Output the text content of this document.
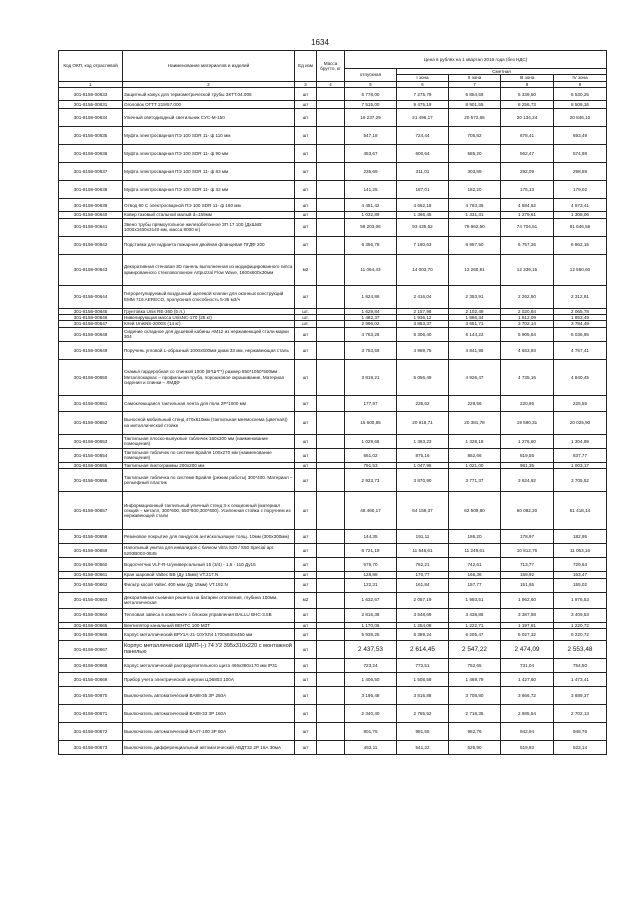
1634
Код ОКП, код отраслевой	Наименование материалов и изделий	Ед изм	Масса брутто, кг	Цена в рублях на 1 квартал 2016 года (без НДС)				
				отпускная	Сметная			
					I зона	II зона	III зона	IV зона
1	2	3	4	5	6	7	8	9
301-8156-00633	Защитный кожух для термометрической трубы ЗКТТ.04.005	шт		5 778,00	7 275,79	6 854,59	6 339,50	6 530,25
301-8156-00631	Оголовок ОГТТ 219/57.000	шт		7 515,00	9 475,18	8 901,55	8 256,73	8 508,16
301-8156-00634	Уличный светодиодный светильник СУС-М-150	шт		16 237,29	21 496,17	20 572,65	20 134,24	20 846,10
301-8156-00635	Муфта электросварная ПЭ 100 SDR 11- ф 110 мм	шт		547,18	724,44	705,82	678,41	693,49
301-8156-00636	Муфта электросварная ПЭ 100 SDR 11- ф 90 мм	шт		453,67	600,64	585,20	562,47	574,98
301-8156-00637	Муфта электросварная ПЭ 100 SDR 11- ф 63 мм	шт		235,69	311,01	303,89	292,09	298,59
301-8156-00638	Муфта электросварная ПЭ 100 SDR 11- ф 32 мм	шт		141,25	187,01	182,20	175,13	179,02
301-8156-00639	Отвод 90 С электросварной ПЭ 100 SDR 11- ф 160 мм	шт		4 451,42	4 652,18	4 763,35	4 584,62	4 673,41
301-8156-00640	Ковер газовый стальной малый d=159мм	шт		1 032,89	1 366,45	1 331,31	1 279,61	1 308,06
301-8156-00641	Звено трубы прямоугольное железобетонное ЗП 17.100 (ДхШхВ: 1000х3400х3140 мм, масса 8000 кг)	шт		58 203,06	93 435,52	78 962,50	74 704,61	81 646,56
301-8156-00642	Подставка для гидранта пожарная двойная фланцевая ПГДФ 200	шт		6 356,78	7 180,63	6 957,50	6 757,26	6 862,15
301-8156-00643	Декоративная стеновая 3D панель выполненная из модифицированного гипса армированного стекловолокном Artpuzzal Flow Wave, 1600х600х30мм	м2		11 064,43	14 003,70	13 260,81	12 339,15	12 560,60
301-8156-00644	Гигрорегулируемый воздушный щелевой клапан для оконных конструкций EMM 716 AERECO, пропускная способность 5-35 м3/ч	шт		1 824,86	2 416,04	2 353,91	2 262,50	2 312,81
301-8156-00645	Грунтовка Unis RE-360 (5 л.)	шт.		1 629,84	2 157,98	2 102,49	2 020,84	2 065,78
301-8156-00646	Нивелирующая масса UnisNC-170 (25 кг)	шт.		1 482,37	1 936,12	1 886,34	1 812,09	1 853,49
301-8156-00647	Клей UnisNS-2000S (14 кг)	шт.		2 996,02	3 853,37	3 651,71	3 702,14	3 784,49
301-8156-00648	Сидение складное для душевой кабины AM12 из нержавеющей стали марки 304	шт		4 763,26	6 306,40	6 144,23	5 905,64	6 036,95
301-8156-00649	Поручень угловой L-образный 1000х500мм диам 33 мм, нержавеющая сталь	шт		3 753,59	4 969,75	4 841,95	4 653,93	4 757,41
301-8156-00650	Скамья гардеробная со спинкой 1000 (В*Ш*Г*) размер 850*1050*500мм . Металлокаркас – профильная труба, порошковое окрашивание, Материал сидения и спинки – ЛМДФ	шт		3 819,21	5 056,49	4 926,47	4 735,16	4 840,45
301-8156-00651	Самоклеющаяся тактильная лента для пола 2Р*1000 мм	шт		177,97	235,62	229,56	220,65	225,55
301-8156-00652	Выносной мобильный стенд 470х610мм (тактильная мнемосхема (цветная)) на металлической стойке	шт		15 600,85	20 918,71	20 381,78	19 590,31	20 025,90
301-8156-00653	Тактильная плоско-выпуклые табличек 150х300 мм (наименование помещения)	шт		1 029,66	1 363,23	1 328,18	1 276,60	1 304,99
301-8156-00654	Тактильная табличек по системе Брайля 100х270 мм (наименование помещения)	шт		661,02	875,16	852,66	819,55	837,77
301-8156-00655	Тактильная пиктограммы 200х200 мм	шт		791,53	1 047,95	1 021,00	981,35	1 003,17
301-8156-00656	Тактильная табличка по системе Брайля (режим работы) 300*400. Материал – рельефный пластик	шт		2 923,73	3 870,90	3 771,37	3 624,92	3 705,52
301-8156-00657	Информационный тактильный уличный стенд 3-х секционный (материал секций – металл, 300*600, 550*600,300*600). Усиленная стойка с поручнем из нержавеющей стали	шт		48 460,17	64 159,37	62 509,80	60 082,20	61 418,14
301-8156-00658	Резиновое покрытие для пандусов антискользящее толщ. 10мм (300х300мм)	шт		144,35	191,11	186,20	178,97	182,95
301-8156-00659	Напольный унитаз для инвалидов с бачком Vitra S20 / S50 Special арт. 5293B003-0845	шт		8 721,19	11 546,61	11 249,61	10 812,76	11 053,16
301-8156-00660	Водосчетчик VLF-R-U/универсальный 15 (3/4) - 1,5 - 110 Ду15	шт		575,70	762,21	742,61	713,77	729,64
301-8156-00661	Кран шаровой Valtec BB (Ду 15мм) VT.217.N	шт		128,88	170,77	166,36	159,92	163,47
301-8156-00662	Фильтр косой Valtec 400 мкм (Ду 15мм) VT.192.N	шт		122,31	161,84	157,77	151,65	155,02
301-8156-00663	Декоративная съемная решетка на батареи отопления, глубина 100мм, металлическая	м2		1 632,67	2 057,19	1 993,51	1 962,60	1 976,53
301-8156-00664	Тепловая завеса в комплекте с блоком управления BALLU BHC-3.5В	шт		2 816,38	3 548,69	3 438,85	3 387,58	3 409,53
301-8156-00665	Вентилятор канальный ВЕНТС 100 МЗТ	шт		1 170,06	1 254,08	1 222,71	1 197,61	1 220,72
301-8156-00666	Корпус металлический ВРУ1А-21-10УХЛ4 1700х840х450 мм	шт		5 938,25	6 389,24	6 205,47	6 027,32	6 220,72
301-8156-00667	Корпус металлический ЩМП-(-) 74 У2 395х310х220 с монтажной панелью	шт		2 437,53	2 614,45	2 547,22	2 474,09	2 553,48
301-8156-00668	Корпус металлический распределительного щита 466х380х170 мм IP31	шт		723,24	772,51	752,65	731,04	754,50
301-8156-00669	Прибор учета электрической энергии ЦЭ6803 100А	шт		1 406,50	1 508,58	1 469,79	1 427,60	1 473,41
301-8156-00670	Выключатель автоматический ВА88-35 3Р 250А	шт		3 195,48	3 816,88	3 708,80	3 666,72	3 689,37
301-8156-00671	Выключатель автоматический ВА88-33 3Р 160А	шт		2 340,40	2 765,52	2 718,35	2 685,54	2 702,13
301-8156-00672	Выключатель автоматический ВА47-100 3Р 80А	шт		801,75	981,55	952,76	942,94	948,76
301-8156-00673	Выключатель дифференциальный автоматический АВДТ32 2Р 16А 30мА	шт		453,11	541,22	525,90	519,93	523,14
